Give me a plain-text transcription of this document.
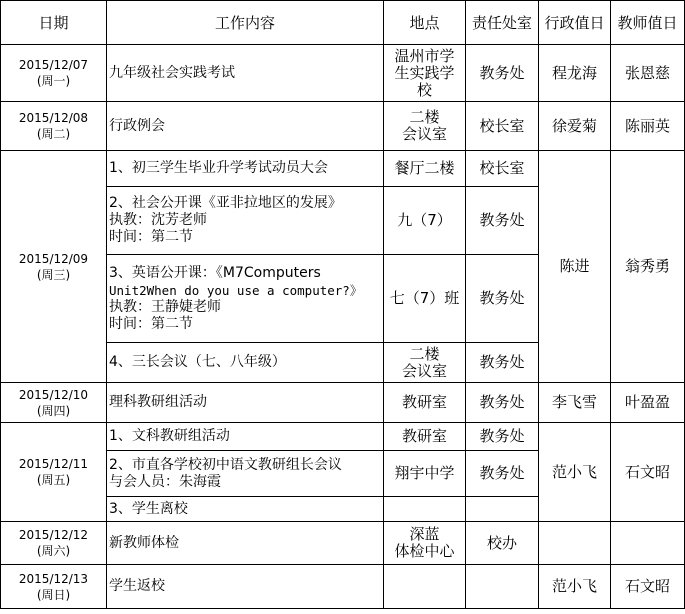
日期	工作内容	地点	责任处室	行政值日	教师值日

2015/12/07
(周一)	九年级社会实践考试	温州市学
生实践学
校	教务处	程龙海	张恩慈

2015/12/08
(周二)	行政例会	二楼
会议室	校长室	徐爱菊	陈丽英

2015/12/09
(周三)	1、初三学生毕业升学考试动员大会	餐厅二楼	校长室	陈进	翁秀勇

	2、社会公开课《亚非拉地区的发展》
执教：沈芳老师
时间：第二节	九（7）	教务处		

	3、英语公开课：《M7Computers
Unit2When do you use a computer?》
执教：王静婕老师
时间：第二节	七（7）班	教务处		
	4、三长会议（七、八年级）	二楼
会议室	教务处		

2015/12/10
(周四)	理科教研组活动	教研室	教务处	李飞雪	叶盈盈

2015/12/11
(周五)	1、文科教研组活动	教研室	教务处	范小飞	石文昭

	2、市直各学校初中语文教研组长会议
与会人员：朱海霞	翔宇中学	教务处		
	3、学生离校				

2015/12/12
(周六)	新教师体检	深蓝
体检中心	校办		

2015/12/13
(周日)	学生返校			范小飞	石文昭
